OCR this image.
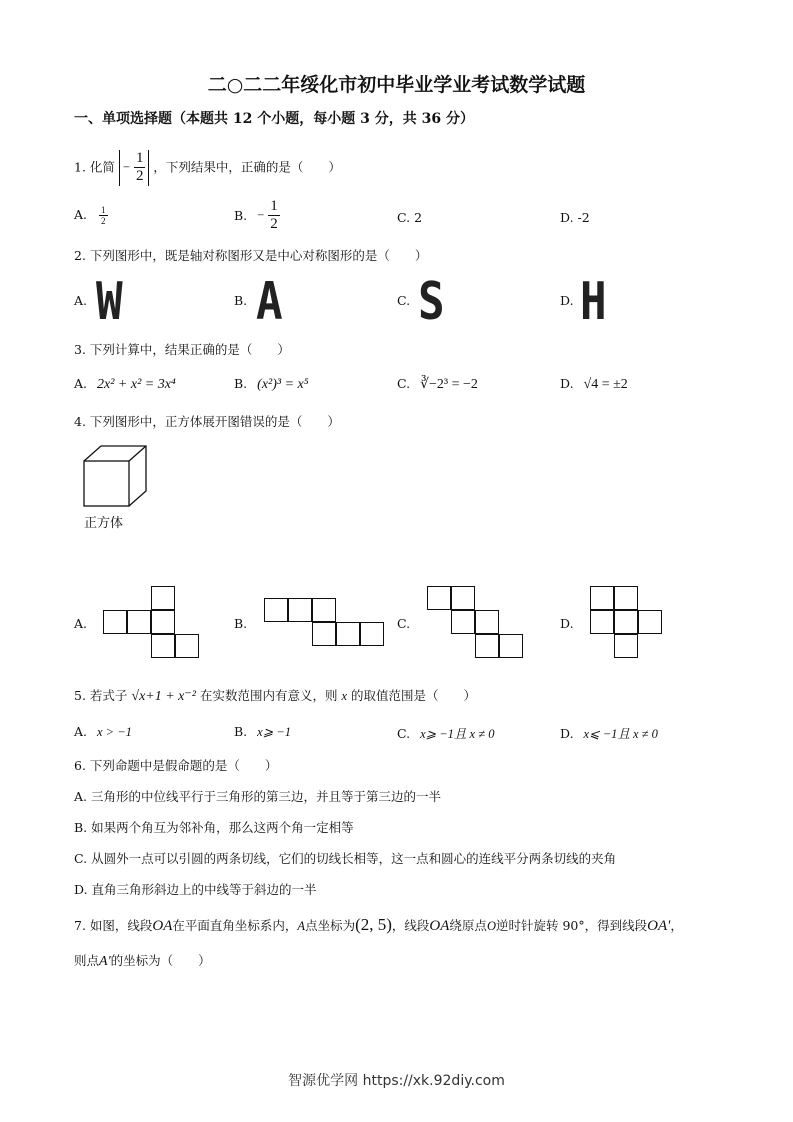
二○二二年绥化市初中毕业学业考试数学试题
一、单项选择题（本题共 12 个小题，每小题 3 分，共 36 分）
1. 化简 − $\frac{1}{2}$ ，下列结果中，正确的是（　　）
A. $\frac{1}{2}$	B. − $\frac{1}{2}$	C. 2	D. -2
2. 下列图形中，既是轴对称图形又是中心对称图形的是（　　）
A. W	B. A	C. S	D. H
3. 下列计算中，结果正确的是（　　）
A. 2x² + x² = 3x⁴	B. (x²)³ = x⁵	C. ∛−2³ = −2	D. √4 = ±2
4. 下列图形中，正方体展开图错误的是（　　）
正方体
A.	B.	C.	D.
5. 若式子 √x+1 + x⁻² 在实数范围内有意义，则 x 的取值范围是（　　）
A. x > −1	B. x⩾ −1	C. x⩾ −1且 x ≠ 0	D. x⩽ −1且 x ≠ 0
6. 下列命题中是假命题的是（　　）
A. 三角形的中位线平行于三角形的第三边，并且等于第三边的一半
B. 如果两个角互为邻补角，那么这两个角一定相等
C. 从圆外一点可以引圆的两条切线，它们的切线长相等，这一点和圆心的连线平分两条切线的夹角
D. 直角三角形斜边上的中线等于斜边的一半
7. 如图，线段OA在平面直角坐标系内，A点坐标为(2, 5)，线段OA绕原点O逆时针旋转 90°，得到线段OA′，
则点A′的坐标为（　　）
智源优学网 https://xk.92diy.com
